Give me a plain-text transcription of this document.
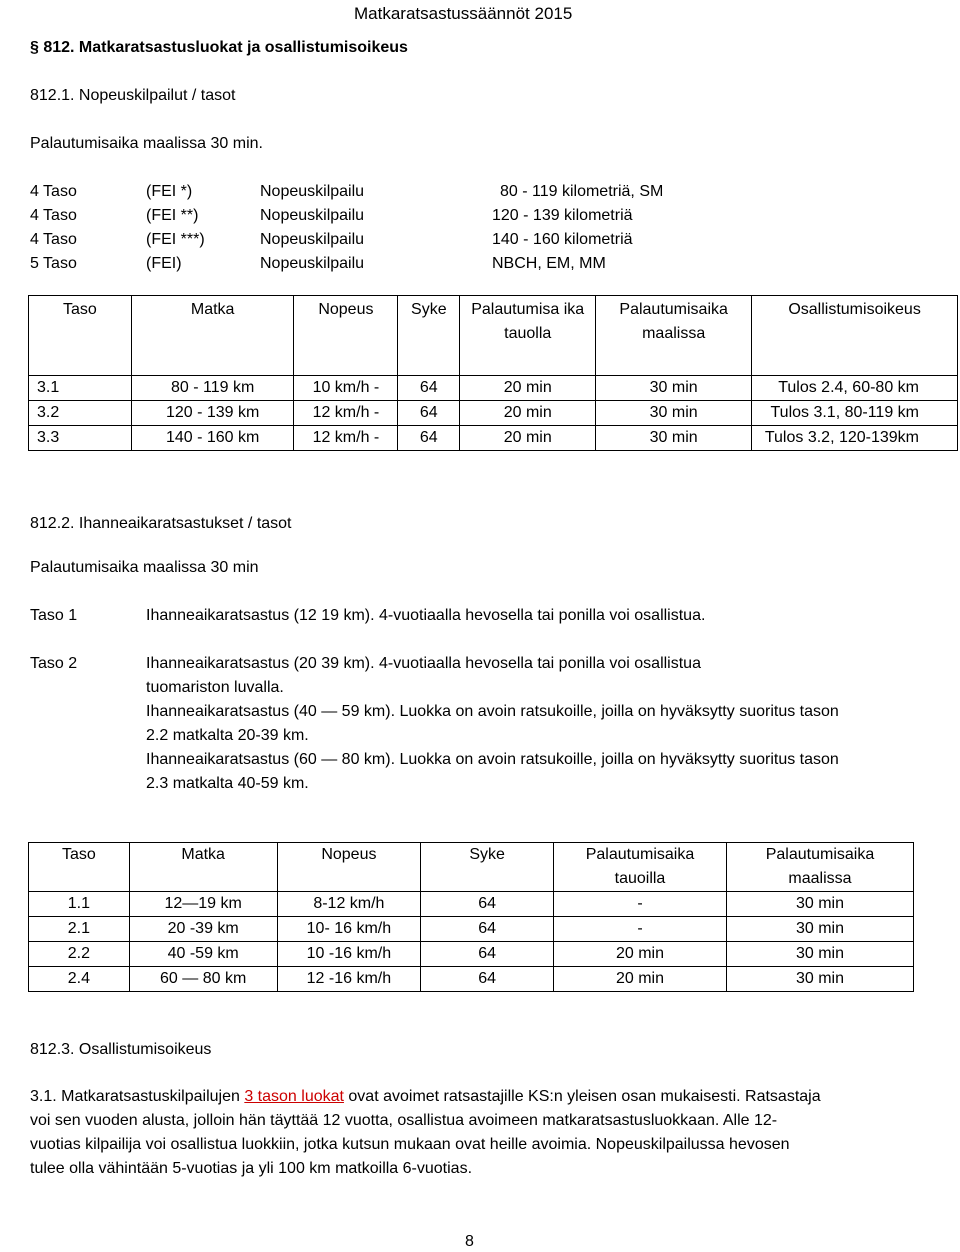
Matkaratsastussäännöt 2015
§ 812. Matkaratsastusluokat ja osallistumisoikeus
812.1. Nopeuskilpailut / tasot
Palautumisaika maalissa 30 min.
4 Taso	(FEI *)	Nopeuskilpailu	80 - 119 kilometriä, SM
4 Taso	(FEI **)	Nopeuskilpailu	120 - 139 kilometriä
4 Taso	(FEI ***)	Nopeuskilpailu	140 - 160 kilometriä
5 Taso	(FEI)	Nopeuskilpailu	NBCH, EM, MM
Taso	Matka	Nopeus	Syke	Palautumisa ika tauolla	Palautumisaika maalissa	Osallistumisoikeus
3.1	80 - 119 km	10 km/h -	64	20 min	30 min	Tulos 2.4, 60-80 km
3.2	120 - 139 km	12 km/h -	64	20 min	30 min	Tulos 3.1, 80-119 km
3.3	140 - 160 km	12 km/h -	64	20 min	30 min	Tulos 3.2, 120-139km
812.2. Ihanneaikaratsastukset / tasot
Palautumisaika maalissa 30 min
Taso 1	Ihanneaikaratsastus (12 19 km). 4-vuotiaalla hevosella tai ponilla voi osallistua.
Taso 2	Ihanneaikaratsastus (20 39 km). 4-vuotiaalla hevosella tai ponilla voi osallistua
tuomariston luvalla.
Ihanneaikaratsastus (40 — 59 km). Luokka on avoin ratsukoille, joilla on hyväksytty suoritus tason
2.2 matkalta 20-39 km.
Ihanneaikaratsastus (60 — 80 km). Luokka on avoin ratsukoille, joilla on hyväksytty suoritus tason
2.3 matkalta 40-59 km.
Taso	Matka	Nopeus	Syke	Palautumisaika tauoilla	Palautumisaika maalissa
1.1	12—19 km	8-12 km/h	64	-	30 min
2.1	20 -39 km	10- 16 km/h	64	-	30 min
2.2	40 -59 km	10 -16 km/h	64	20 min	30 min
2.4	60 — 80 km	12 -16 km/h	64	20 min	30 min
812.3. Osallistumisoikeus
3.1. Matkaratsastuskilpailujen 3 tason luokat ovat avoimet ratsastajille KS:n yleisen osan mukaisesti. Ratsastaja
voi sen vuoden alusta, jolloin hän täyttää 12 vuotta, osallistua avoimeen matkaratsastusluokkaan. Alle 12-
vuotias kilpailija voi osallistua luokkiin, jotka kutsun mukaan ovat heille avoimia. Nopeuskilpailussa hevosen
tulee olla vähintään 5-vuotias ja yli 100 km matkoilla 6-vuotias.
8
